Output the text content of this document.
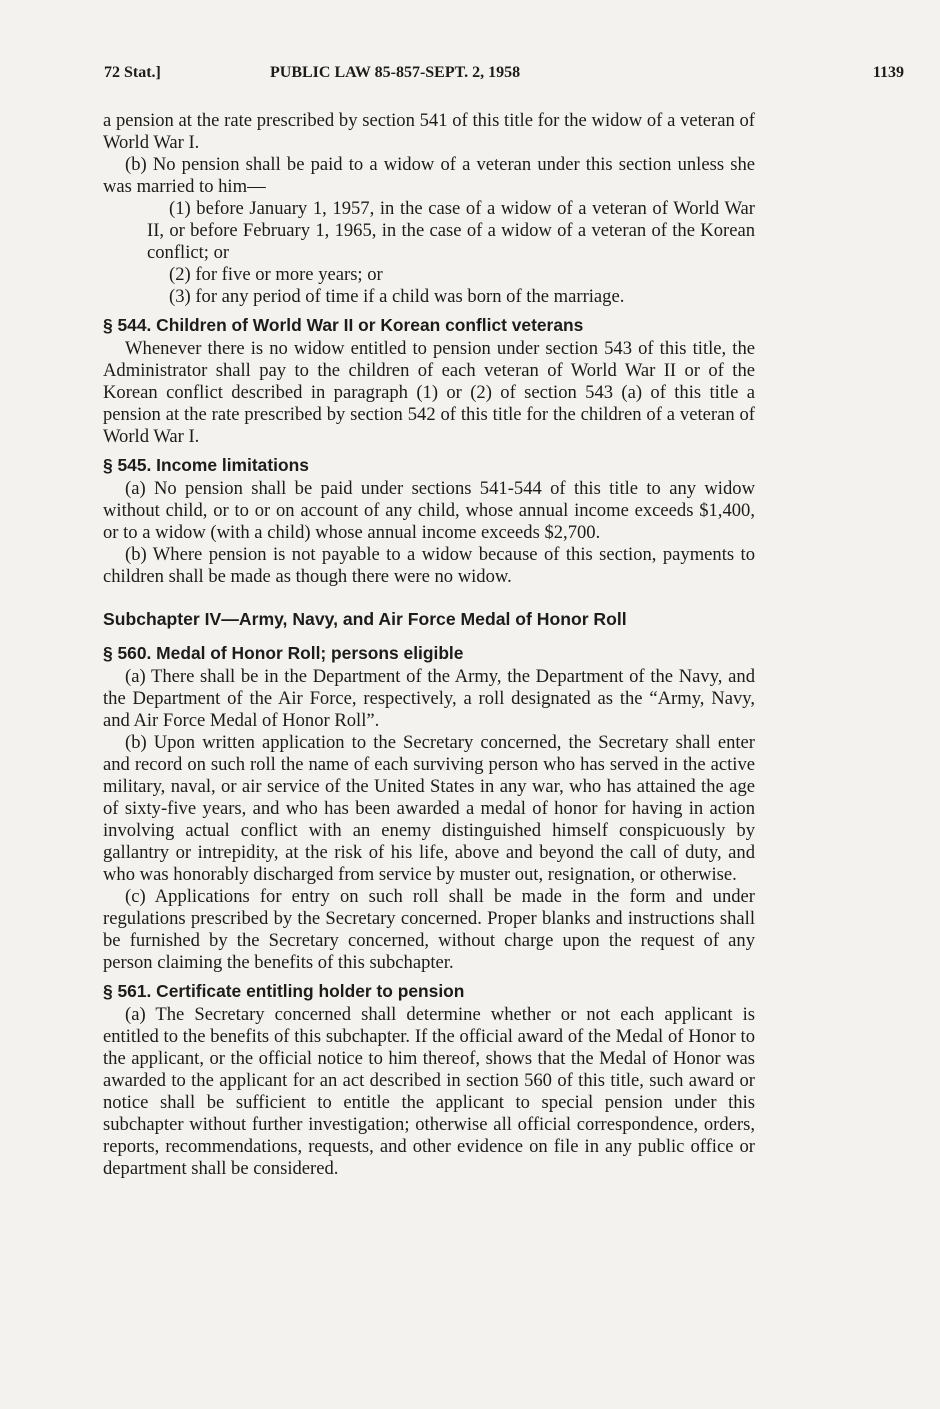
72 Stat.]	PUBLIC LAW 85-857-SEPT. 2, 1958	1139

a pension at the rate prescribed by section 541 of this title for the widow of a veteran of World War I.

(b) No pension shall be paid to a widow of a veteran under this section unless she was married to him—

(1) before January 1, 1957, in the case of a widow of a veteran of World War II, or before February 1, 1965, in the case of a widow of a veteran of the Korean conflict; or

(2) for five or more years; or

(3) for any period of time if a child was born of the marriage.

§ 544. Children of World War II or Korean conflict veterans

Whenever there is no widow entitled to pension under section 543 of this title, the Administrator shall pay to the children of each veteran of World War II or of the Korean conflict described in paragraph (1) or (2) of section 543 (a) of this title a pension at the rate prescribed by section 542 of this title for the children of a veteran of World War I.

§ 545. Income limitations

(a) No pension shall be paid under sections 541-544 of this title to any widow without child, or to or on account of any child, whose annual income exceeds $1,400, or to a widow (with a child) whose annual income exceeds $2,700.

(b) Where pension is not payable to a widow because of this section, payments to children shall be made as though there were no widow.

Subchapter IV—Army, Navy, and Air Force Medal of Honor Roll
§ 560. Medal of Honor Roll; persons eligible

(a) There shall be in the Department of the Army, the Department of the Navy, and the Department of the Air Force, respectively, a roll designated as the “Army, Navy, and Air Force Medal of Honor Roll”.

(b) Upon written application to the Secretary concerned, the Secretary shall enter and record on such roll the name of each surviving person who has served in the active military, naval, or air service of the United States in any war, who has attained the age of sixty-five years, and who has been awarded a medal of honor for having in action involving actual conflict with an enemy distinguished himself conspicuously by gallantry or intrepidity, at the risk of his life, above and beyond the call of duty, and who was honorably discharged from service by muster out, resignation, or otherwise.

(c) Applications for entry on such roll shall be made in the form and under regulations prescribed by the Secretary concerned. Proper blanks and instructions shall be furnished by the Secretary concerned, without charge upon the request of any person claiming the benefits of this subchapter.

§ 561. Certificate entitling holder to pension

(a) The Secretary concerned shall determine whether or not each applicant is entitled to the benefits of this subchapter. If the official award of the Medal of Honor to the applicant, or the official notice to him thereof, shows that the Medal of Honor was awarded to the applicant for an act described in section 560 of this title, such award or notice shall be sufficient to entitle the applicant to special pension under this subchapter without further investigation; otherwise all official correspondence, orders, reports, recommendations, requests, and other evidence on file in any public office or department shall be considered.
